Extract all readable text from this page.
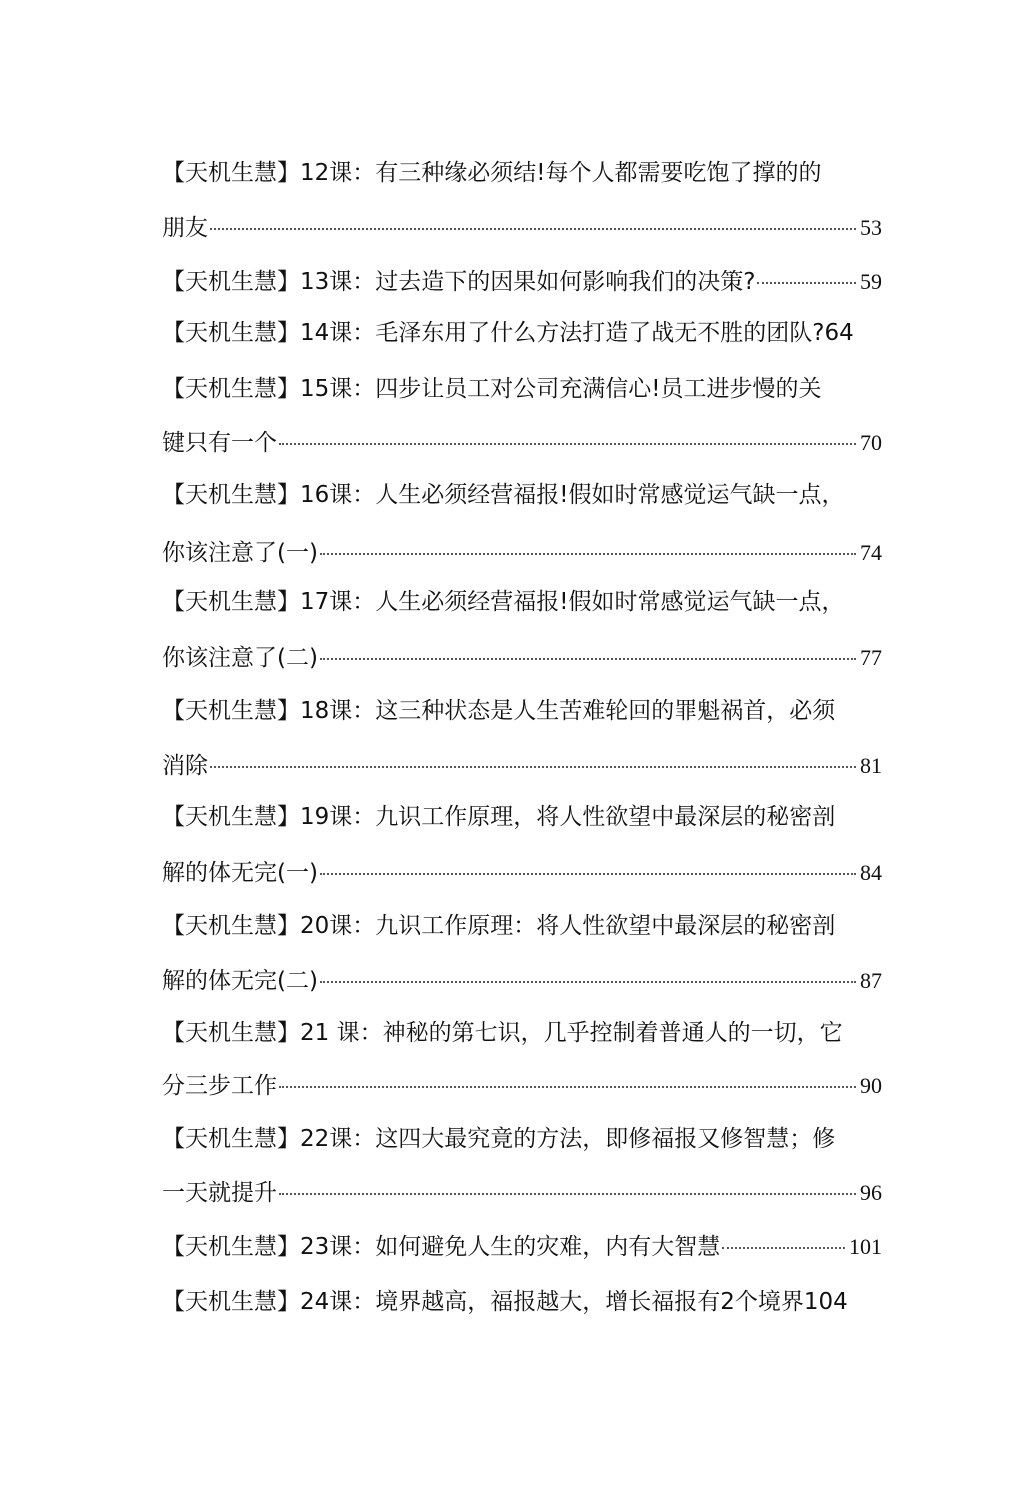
【天机生慧】12课：有三种缘必须结!每个人都需要吃饱了撑的的
朋友	53
【天机生慧】13课：过去造下的因果如何影响我们的决策?	59
【天机生慧】14课：毛泽东用了什么方法打造了战无不胜的团队?64
【天机生慧】15课：四步让员工对公司充满信心!员工进步慢的关
键只有一个	70
【天机生慧】16课：人生必须经营福报!假如时常感觉运气缺一点，
你该注意了(一)	74
【天机生慧】17课：人生必须经营福报!假如时常感觉运气缺一点，
你该注意了(二)	77
【天机生慧】18课：这三种状态是人生苦难轮回的罪魁祸首，必须
消除	81
【天机生慧】19课：九识工作原理，将人性欲望中最深层的秘密剖
解的体无完(一)	84
【天机生慧】20课：九识工作原理：将人性欲望中最深层的秘密剖
解的体无完(二)	87
【天机生慧】21 课：神秘的第七识，几乎控制着普通人的一切，它
分三步工作	90
【天机生慧】22课：这四大最究竟的方法，即修福报又修智慧；修
一天就提升	96
【天机生慧】23课：如何避免人生的灾难，内有大智慧	101
【天机生慧】24课：境界越高，福报越大，增长福报有2个境界104
